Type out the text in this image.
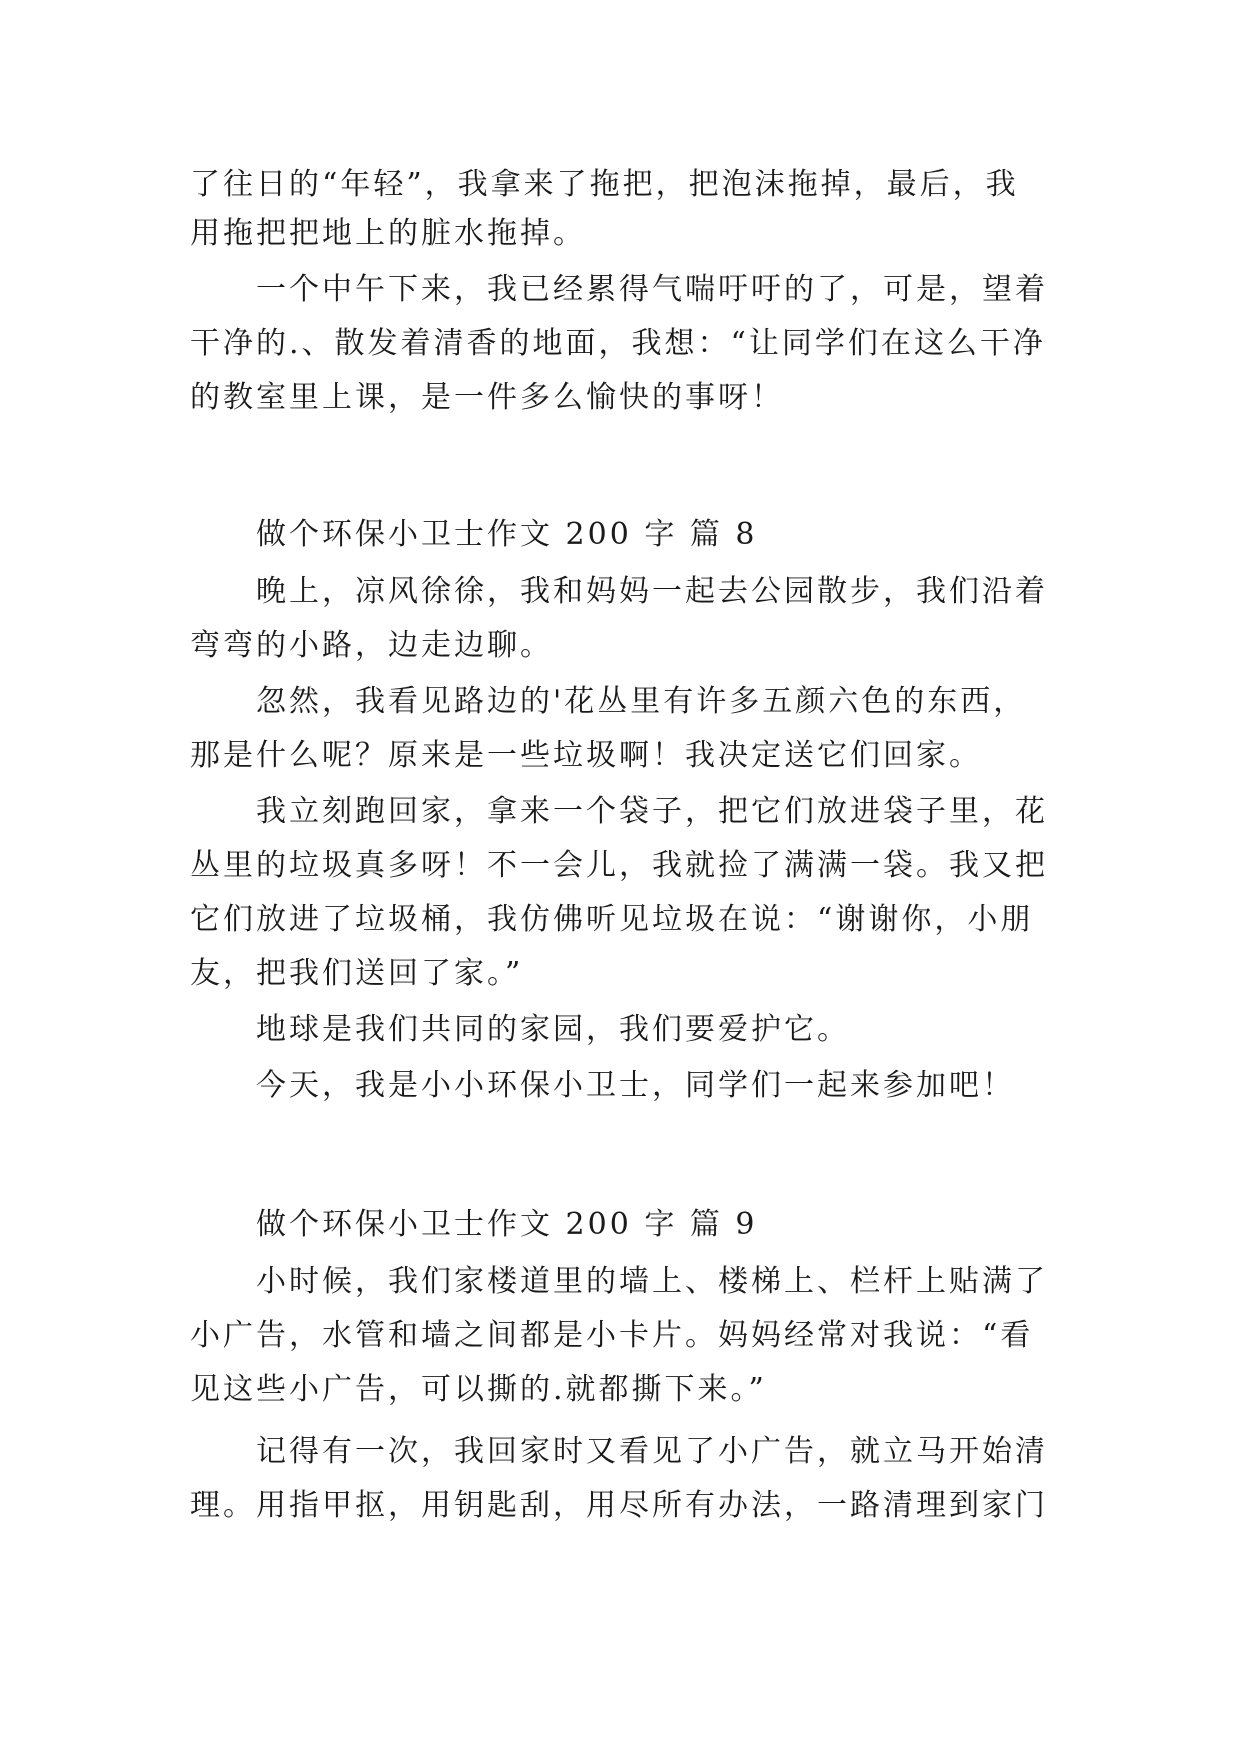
了往日的“年轻”，我拿来了拖把，把泡沫拖掉，最后，我
用拖把把地上的脏水拖掉。
一个中午下来，我已经累得气喘吁吁的了，可是，望着
干净的.、散发着清香的地面，我想：“让同学们在这么干净
的教室里上课，是一件多么愉快的事呀！
做个环保小卫士作文 200 字 篇 8
晚上，凉风徐徐，我和妈妈一起去公园散步，我们沿着
弯弯的小路，边走边聊。
忽然，我看见路边的'花丛里有许多五颜六色的东西，
那是什么呢？原来是一些垃圾啊！我决定送它们回家。
我立刻跑回家，拿来一个袋子，把它们放进袋子里，花
丛里的垃圾真多呀！不一会儿，我就捡了满满一袋。我又把
它们放进了垃圾桶，我仿佛听见垃圾在说：“谢谢你，小朋
友，把我们送回了家。”
地球是我们共同的家园，我们要爱护它。
今天，我是小小环保小卫士，同学们一起来参加吧！
做个环保小卫士作文 200 字 篇 9
小时候，我们家楼道里的墙上、楼梯上、栏杆上贴满了
小广告，水管和墙之间都是小卡片。妈妈经常对我说：“看
见这些小广告，可以撕的.就都撕下来。”
记得有一次，我回家时又看见了小广告，就立马开始清
理。用指甲抠，用钥匙刮，用尽所有办法，一路清理到家门
